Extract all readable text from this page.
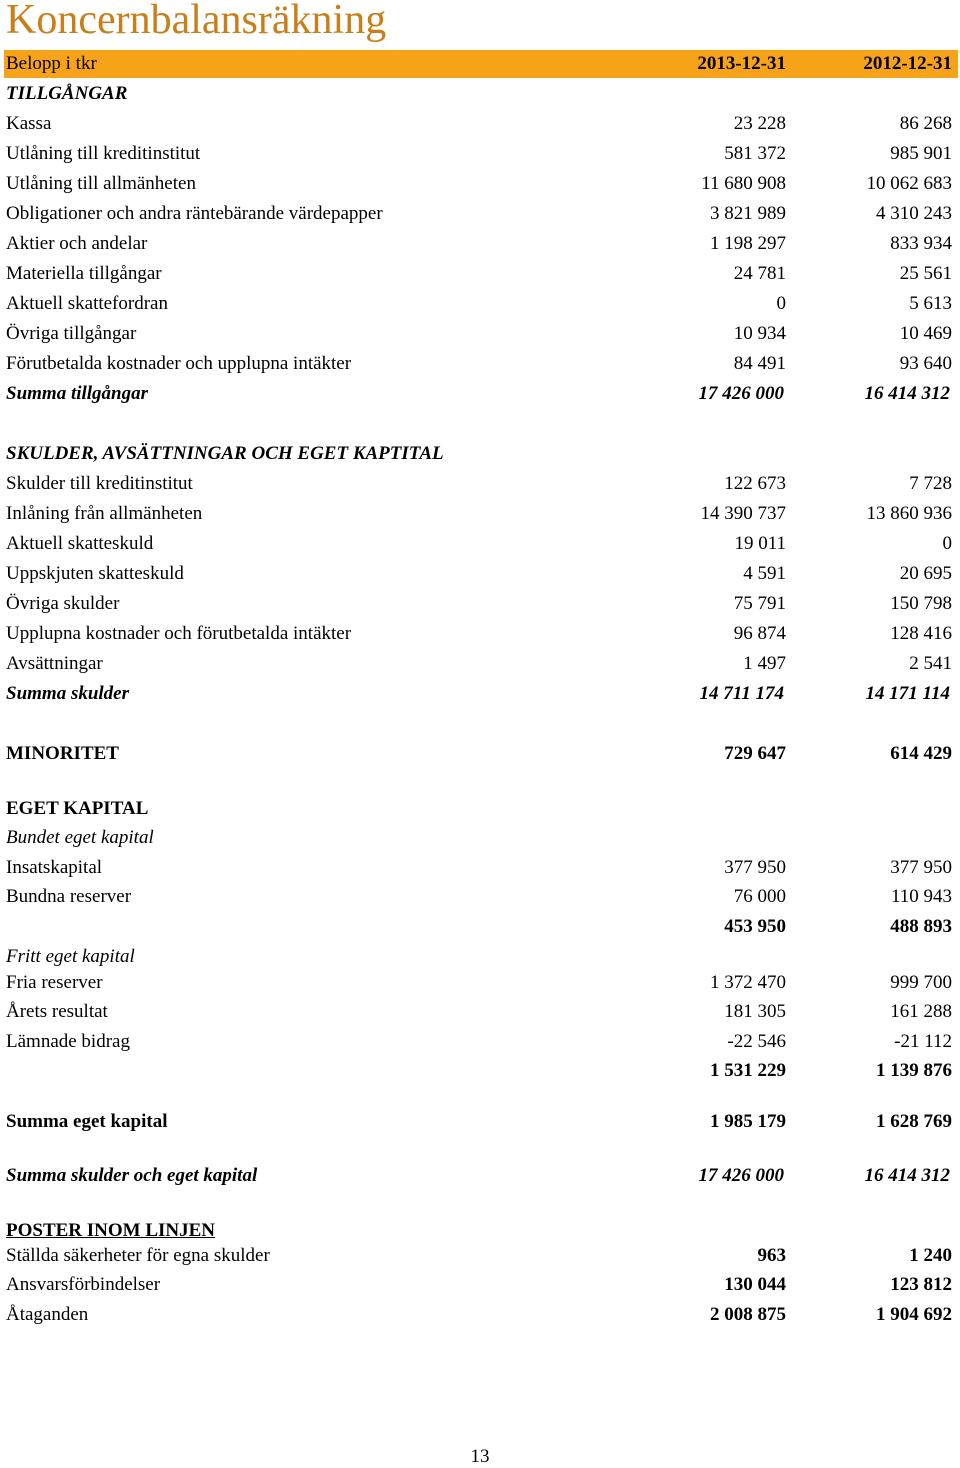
Koncernbalansräkning
Belopp i tkr	2013-12-31	2012-12-31
TILLGÅNGAR
Kassa	23 228	86 268
Utlåning till kreditinstitut	581 372	985 901
Utlåning till allmänheten	11 680 908	10 062 683
Obligationer och andra räntebärande värdepapper	3 821 989	4 310 243
Aktier och andelar	1 198 297	833 934
Materiella tillgångar	24 781	25 561
Aktuell skattefordran	0	5 613
Övriga tillgångar	10 934	10 469
Förutbetalda kostnader och upplupna intäkter	84 491	93 640
Summa tillgångar	17 426 000	16 414 312
SKULDER, AVSÄTTNINGAR OCH EGET KAPTITAL
Skulder till kreditinstitut	122 673	7 728
Inlåning från allmänheten	14 390 737	13 860 936
Aktuell skatteskuld	19 011	0
Uppskjuten skatteskuld	4 591	20 695
Övriga skulder	75 791	150 798
Upplupna kostnader och förutbetalda intäkter	96 874	128 416
Avsättningar	1 497	2 541
Summa skulder	14 711 174	14 171 114
MINORITET	729 647	614 429
EGET KAPITAL
Bundet eget kapital
Insatskapital	377 950	377 950
Bundna reserver	76 000	110 943
453 950	488 893
Fritt eget kapital
Fria reserver	1 372 470	999 700
Årets resultat	181 305	161 288
Lämnade bidrag	-22 546	-21 112
1 531 229	1 139 876
Summa eget kapital	1 985 179	1 628 769
Summa skulder och eget kapital	17 426 000	16 414 312
POSTER INOM LINJEN
Ställda säkerheter för egna skulder	963	1 240
Ansvarsförbindelser	130 044	123 812
Åtaganden	2 008 875	1 904 692
13
